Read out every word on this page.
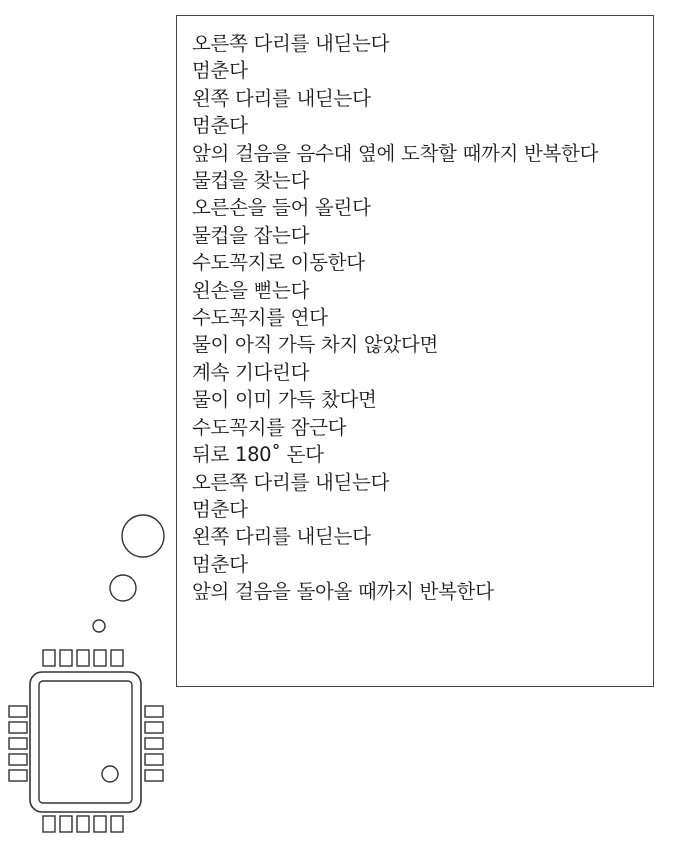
오른쪽 다리를 내딛는다
멈춘다
왼쪽 다리를 내딛는다
멈춘다
앞의 걸음을 음수대 옆에 도착할 때까지 반복한다
물컵을 찾는다
오른손을 들어 올린다
물컵을 잡는다
수도꼭지로 이동한다
왼손을 뻗는다
수도꼭지를 연다
물이 아직 가득 차지 않았다면
계속 기다린다
물이 이미 가득 찼다면
수도꼭지를 잠근다
뒤로 180˚ 돈다
오른쪽 다리를 내딛는다
멈춘다
왼쪽 다리를 내딛는다
멈춘다
앞의 걸음을 돌아올 때까지 반복한다
